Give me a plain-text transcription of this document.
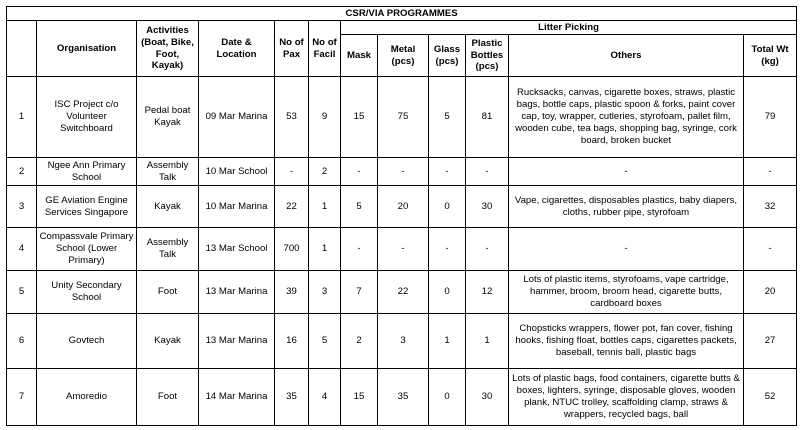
CSR/VIA PROGRAMMES											
	Organisation	Activities (Boat, Bike, Foot, Kayak)	Date & Location	No of Pax	No of Facil	Litter Picking					
						Mask	Metal (pcs)	Glass (pcs)	Plastic Bottles (pcs)	Others	Total Wt (kg)
1	ISC Project c/o Volunteer Switchboard	Pedal boat Kayak	09 Mar Marina	53	9	15	75	5	81	Rucksacks, canvas, cigarette boxes, straws, plastic bags, bottle caps, plastic spoon & forks, paint cover cap, toy, wrapper, cutleries, styrofoam, pallet film, wooden cube, tea bags, shopping bag, syringe, cork board, broken bucket	79
2	Ngee Ann Primary School	Assembly Talk	10 Mar School	-	2	-	-	-	-	-	-
3	GE Aviation Engine Services Singapore	Kayak	10 Mar Marina	22	1	5	20	0	30	Vape, cigarettes, disposables plastics, baby diapers, cloths, rubber pipe, styrofoam	32
4	Compassvale Primary School (Lower Primary)	Assembly Talk	13 Mar School	700	1	-	-	-	-	-	-
5	Unity Secondary School	Foot	13 Mar Marina	39	3	7	22	0	12	Lots of plastic items, styrofoams, vape cartridge, hammer, broom, broom head, cigarette butts, cardboard boxes	20
6	Govtech	Kayak	13 Mar Marina	16	5	2	3	1	1	Chopsticks wrappers, flower pot, fan cover, fishing hooks, fishing float, bottles caps, cigarettes packets, baseball, tennis ball, plastic bags	27
7	Amoredio	Foot	14 Mar Marina	35	4	15	35	0	30	Lots of plastic bags, food containers, cigarette butts & boxes, lighters, syringe, disposable gloves, wooden plank, NTUC trolley, scaffolding clamp, straws & wrappers, recycled bags, ball	52
